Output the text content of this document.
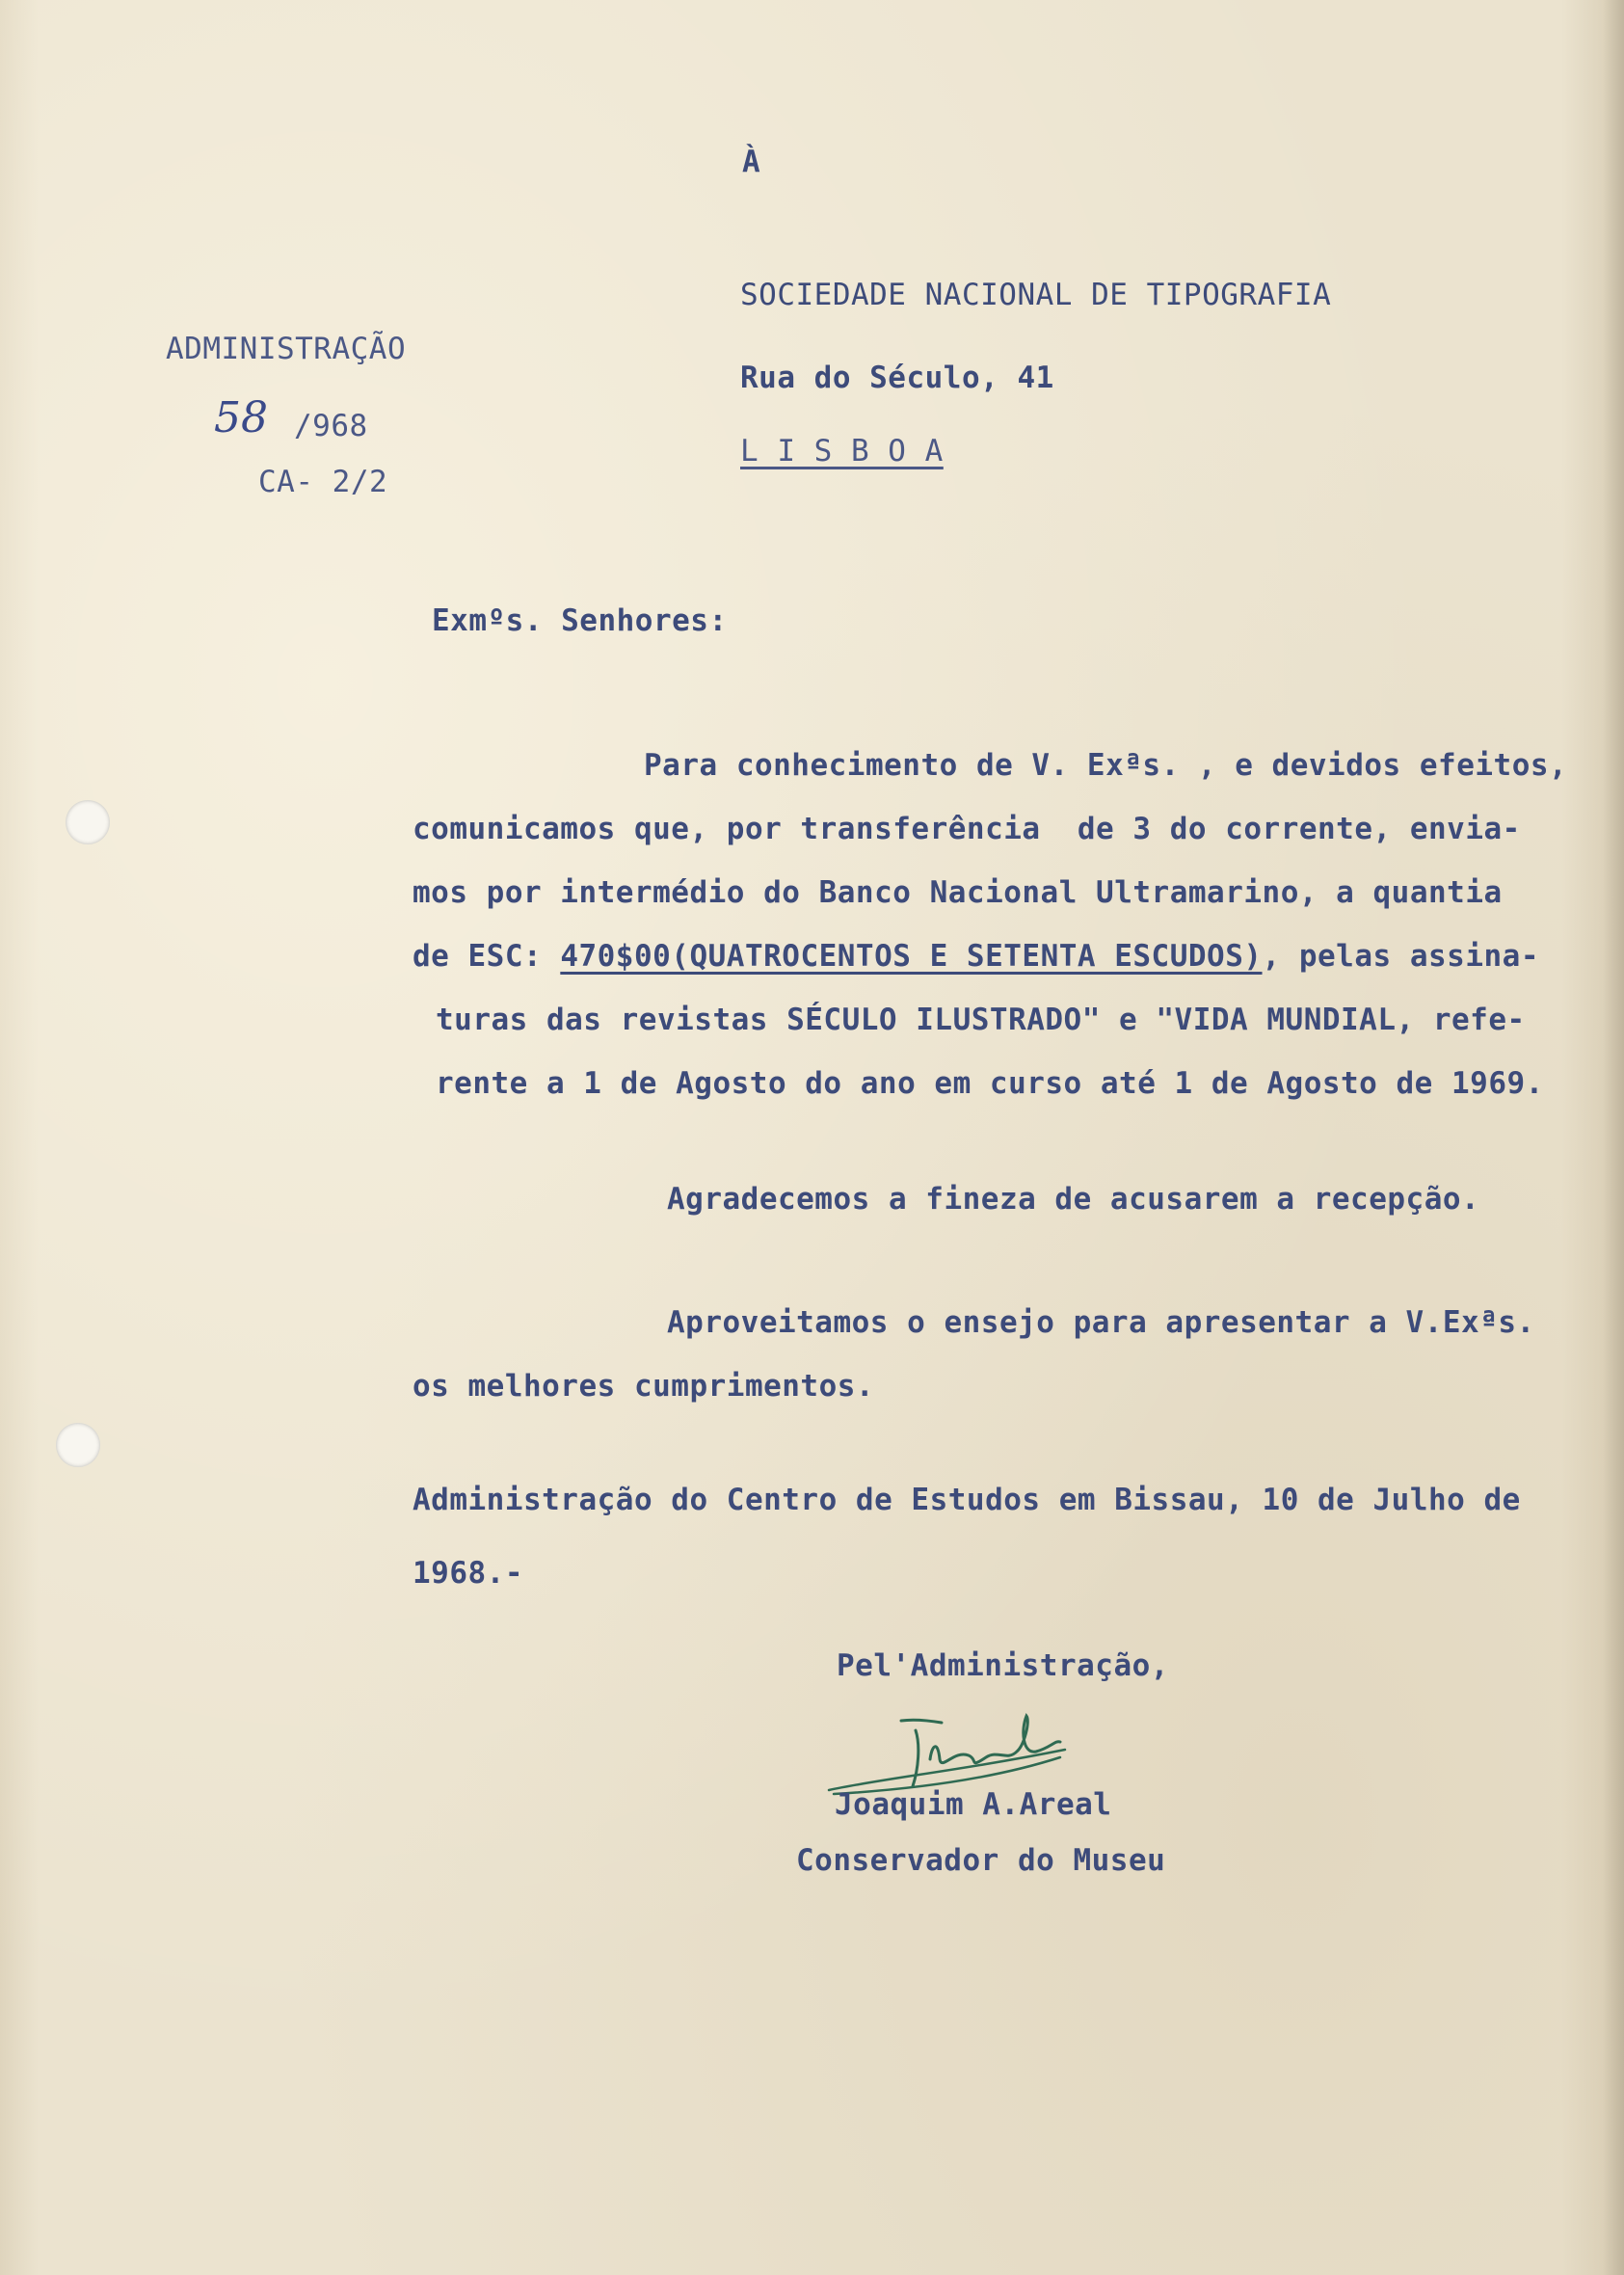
À
SOCIEDADE NACIONAL DE TIPOGRAFIA
Rua do Século, 41
L I S B O A
ADMINISTRAÇÃO
58 /968
CA- 2/2
Exmºs. Senhores:
Para conhecimento de V. Exªs. , e devidos efeitos,
comunicamos que, por transferência  de 3 do corrente, envia-
mos por intermédio do Banco Nacional Ultramarino, a quantia
de ESC: 470$00(QUATROCENTOS E SETENTA ESCUDOS), pelas assina-
turas das revistas SÉCULO ILUSTRADO" e "VIDA MUNDIAL, refe-
rente a 1 de Agosto do ano em curso até 1 de Agosto de 1969.
Agradecemos a fineza de acusarem a recepção.
Aproveitamos o ensejo para apresentar a V.Exªs.
os melhores cumprimentos.
Administração do Centro de Estudos em Bissau, 10 de Julho de
1968.-
Pel'Administração,
Joaquim A.Areal
Conservador do Museu
